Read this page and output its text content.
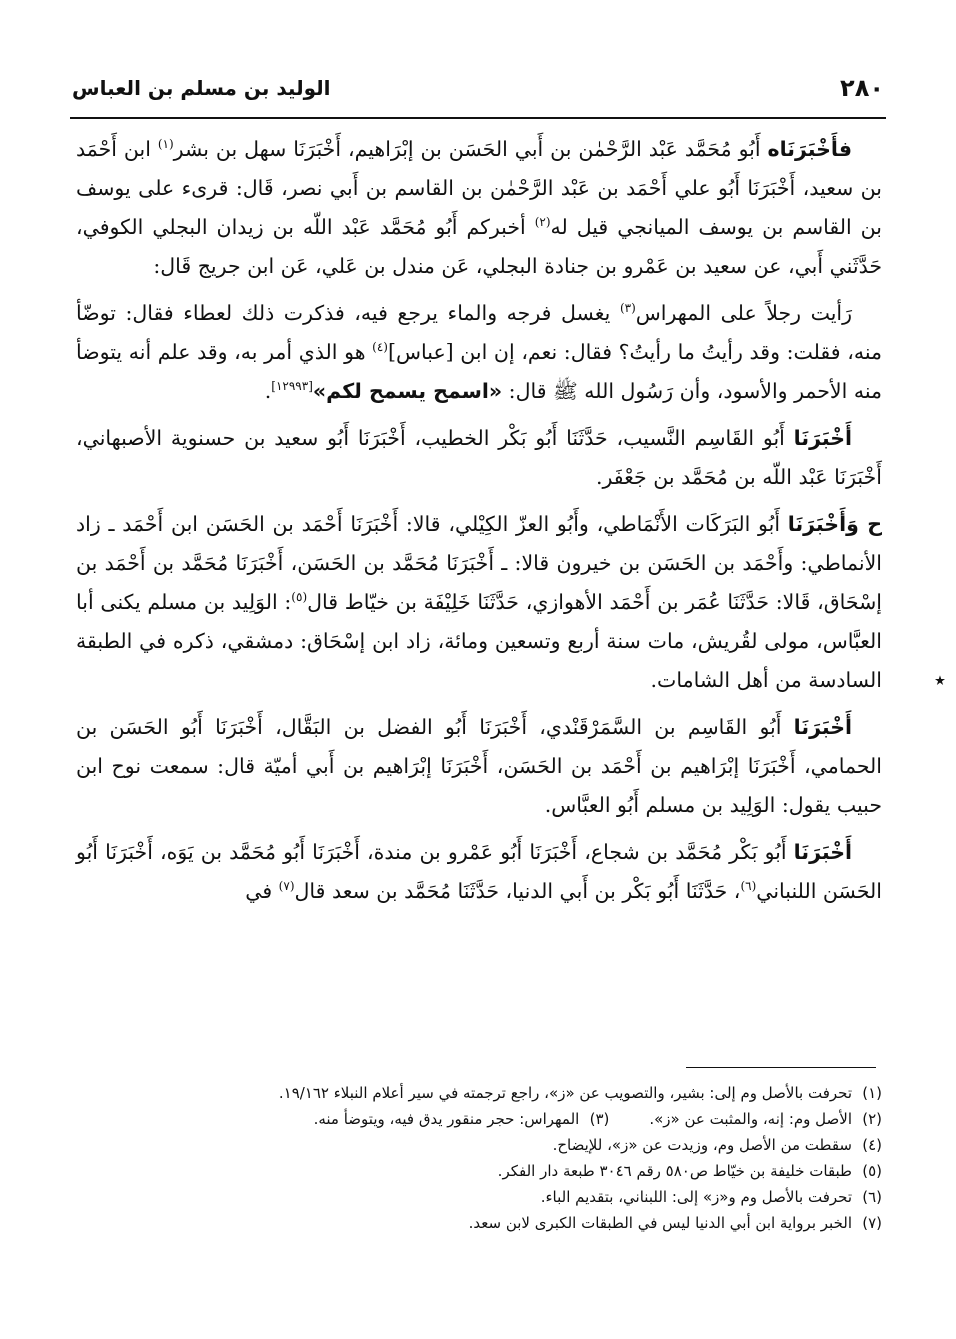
٢٨٠
الوليد بن مسلم بن العباس

فأَخْبَرَنَاه أَبُو مُحَمَّد عَبْد الرَّحْمٰن بن أَبي الحَسَن بن إبْرَاهيم، أَخْبَرَنَا سهل بن بشر$^{(١)}$ ابن أَحْمَد بن سعيد، أَخْبَرَنَا أَبُو علي أَحْمَد بن عَبْد الرَّحْمٰن بن القاسم بن أَبي نصر، قَال: قرىء على يوسف بن القاسم بن يوسف الميانجي قيل له$^{(٢)}$ أخبركم أَبُو مُحَمَّد عَبْد اللّه بن زيدان البجلي الكوفي، حَدَّثَني أَبي، عن سعيد بن عَمْرو بن جنادة البجلي، عَن مندل بن عَلي، عَن ابن جريج قَال:

رَأيت رجلاً على المهراس$^{(٣)}$ يغسل فرجه والماء يرجع فيه، فذكرت ذلك لعطاء فقال: توضّأ منه، فقلت: وقد رأيتُ ما رأيتُ؟ فقال: نعم، إن ابن [عباس]$^{(٤)}$ هو الذي أمر به، وقد علم أنه يتوضأ منه الأحمر والأسود، وأن رَسُول الله ﷺ قال: «اسمح يسمح لكم»[١٢٩٩٣].

أَخْبَرَنَا أَبُو القَاسِم النَّسيب، حَدَّثَنَا أَبُو بَكْر الخطيب، أَخْبَرَنَا أَبُو سعيد بن حسنوية الأصبهاني، أَخْبَرَنَا عَبْد اللّه بن مُحَمَّد بن جَعْفَر.

ح وَأَخْبَرَنَا أَبُو البَرَكَات الأَنْمَاطي، وأَبُو العزّ الكِيْلي، قالا: أَخْبَرَنَا أَحْمَد بن الحَسَن ابن أَحْمَد ـ زاد الأنماطي: وأَحْمَد بن الحَسَن بن خيرون قالا: ـ أَخْبَرَنَا مُحَمَّد بن الحَسَن، أَخْبَرَنَا مُحَمَّد بن أَحْمَد بن إسْحَاق، قَالا: حَدَّثَنَا عُمَر بن أَحْمَد الأهوازي، حَدَّثَنَا خَلِيْفَة بن خيّاط قال$^{(٥)}$: الوَلِيد بن مسلم يكنى أبا العبَّاس، مولى لقُريش، مات سنة أربع وتسعين ومائة، زاد ابن إسْحَاق: دمشقي، ذكره في الطبقة السادسة من أهل الشامات.

أَخْبَرَنَا أَبُو القَاسِم بن السَّمَرْقَنْدي، أَخْبَرَنَا أَبُو الفضل بن البَقَّال، أَخْبَرَنَا أَبُو الحَسَن بن الحمامي، أَخْبَرَنَا إبْرَاهيم بن أَحْمَد بن الحَسَن، أَخْبَرَنَا إبْرَاهيم بن أَبي أميّة قال: سمعت نوح ابن حبيب يقول: الوَلِيد بن مسلم أَبُو العبَّاس.

أَخْبَرَنَا أَبُو بَكْر مُحَمَّد بن شجاع، أَخْبَرَنَا أَبُو عَمْرو بن مندة، أَخْبَرَنَا أَبُو مُحَمَّد بن يَوَه، أَخْبَرَنَا أَبُو الحَسَن اللنباني$^{(٦)}$، حَدَّثَنَا أَبُو بَكْر بن أَبي الدنيا، حَدَّثَنَا مُحَمَّد بن سعد قال$^{(٧)}$ في

٭

(١)تحرفت بالأصل وم إلى: بشير، والتصويب عن «ز»، راجع ترجمته في سير أعلام النبلاء ١٩/١٦٢.

(٢)الأصل وم: إنه، والمثبت عن «ز».(٣)المهراس: حجر منقور يدق فيه، ويتوضأ منه.

(٤)سقطت من الأصل وم، وزيدت عن «ز»، للإيضاح.

(٥)طبقات خليفة بن خيّاط ص٥٨٠ رقم ٣٠٤٦ طبعة دار الفكر.

(٦)تحرفت بالأصل وم و«ز» إلى: اللبناني، بتقديم الباء.

(٧)الخبر برواية ابن أبي الدنيا ليس في الطبقات الكبرى لابن سعد.
